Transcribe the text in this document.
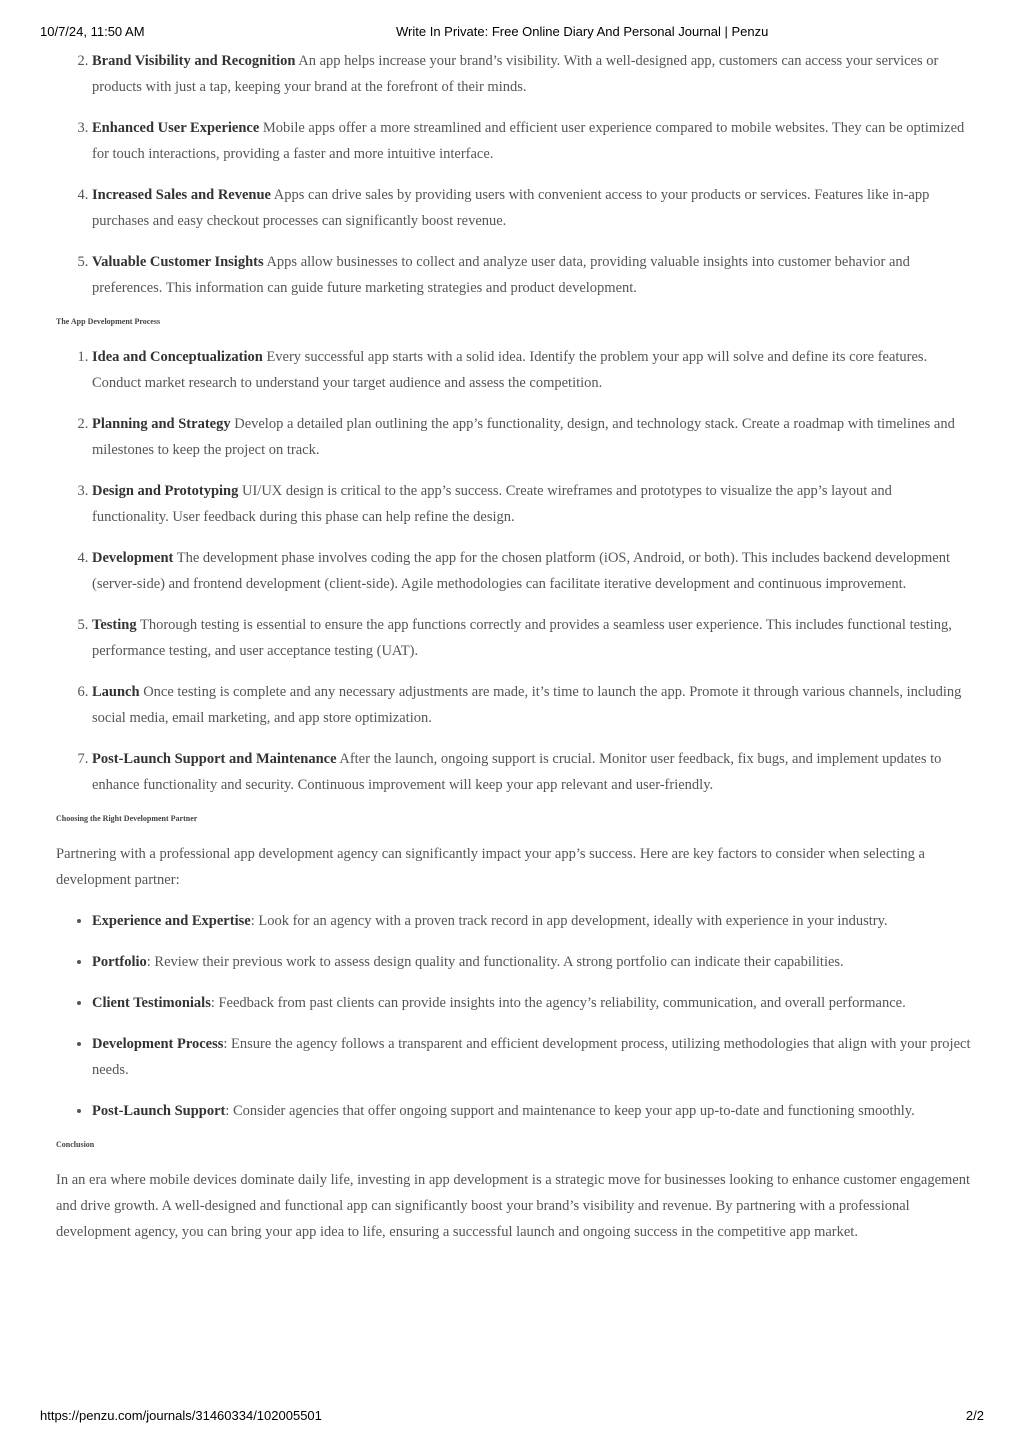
10/7/24, 11:50 AM	Write In Private: Free Online Diary And Personal Journal | Penzu
2. Brand Visibility and Recognition An app helps increase your brand’s visibility. With a well-designed app, customers can access your services or products with just a tap, keeping your brand at the forefront of their minds.
3. Enhanced User Experience Mobile apps offer a more streamlined and efficient user experience compared to mobile websites. They can be optimized for touch interactions, providing a faster and more intuitive interface.
4. Increased Sales and Revenue Apps can drive sales by providing users with convenient access to your products or services. Features like in-app purchases and easy checkout processes can significantly boost revenue.
5. Valuable Customer Insights Apps allow businesses to collect and analyze user data, providing valuable insights into customer behavior and preferences. This information can guide future marketing strategies and product development.
The App Development Process
1. Idea and Conceptualization Every successful app starts with a solid idea. Identify the problem your app will solve and define its core features. Conduct market research to understand your target audience and assess the competition.
2. Planning and Strategy Develop a detailed plan outlining the app’s functionality, design, and technology stack. Create a roadmap with timelines and milestones to keep the project on track.
3. Design and Prototyping UI/UX design is critical to the app’s success. Create wireframes and prototypes to visualize the app’s layout and functionality. User feedback during this phase can help refine the design.
4. Development The development phase involves coding the app for the chosen platform (iOS, Android, or both). This includes backend development (server-side) and frontend development (client-side). Agile methodologies can facilitate iterative development and continuous improvement.
5. Testing Thorough testing is essential to ensure the app functions correctly and provides a seamless user experience. This includes functional testing, performance testing, and user acceptance testing (UAT).
6. Launch Once testing is complete and any necessary adjustments are made, it’s time to launch the app. Promote it through various channels, including social media, email marketing, and app store optimization.
7. Post-Launch Support and Maintenance After the launch, ongoing support is crucial. Monitor user feedback, fix bugs, and implement updates to enhance functionality and security. Continuous improvement will keep your app relevant and user-friendly.
Choosing the Right Development Partner

Partnering with a professional app development agency can significantly impact your app’s success. Here are key factors to consider when selecting a development partner:

• Experience and Expertise: Look for an agency with a proven track record in app development, ideally with experience in your industry.
• Portfolio: Review their previous work to assess design quality and functionality. A strong portfolio can indicate their capabilities.
• Client Testimonials: Feedback from past clients can provide insights into the agency’s reliability, communication, and overall performance.
• Development Process: Ensure the agency follows a transparent and efficient development process, utilizing methodologies that align with your project needs.
• Post-Launch Support: Consider agencies that offer ongoing support and maintenance to keep your app up-to-date and functioning smoothly.
Conclusion

In an era where mobile devices dominate daily life, investing in app development is a strategic move for businesses looking to enhance customer engagement and drive growth. A well-designed and functional app can significantly boost your brand’s visibility and revenue. By partnering with a professional development agency, you can bring your app idea to life, ensuring a successful launch and ongoing success in the competitive app market.

https://penzu.com/journals/31460334/102005501	2/2
